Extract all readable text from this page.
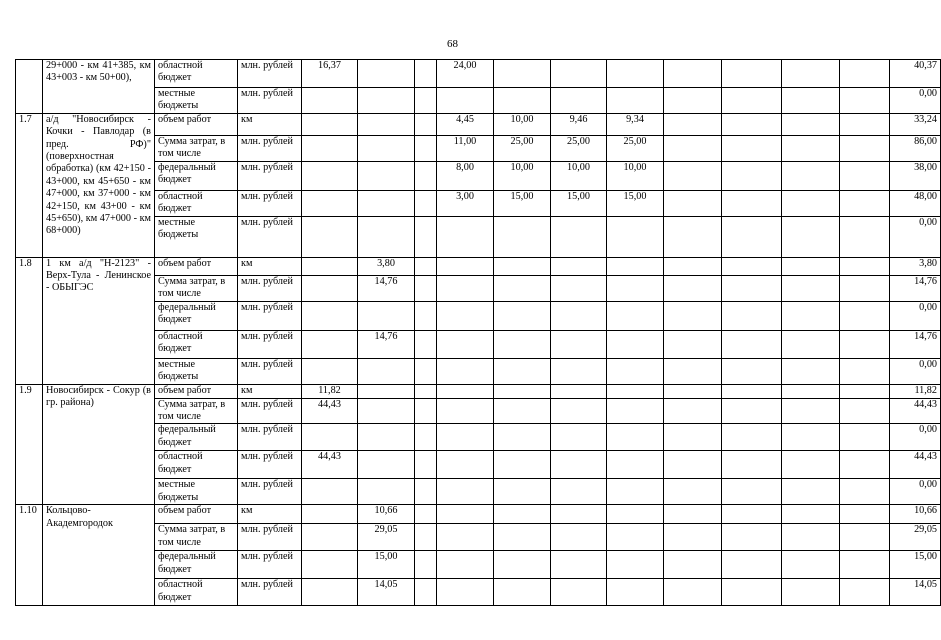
68
	29+000 - км 41+385, км 43+003 - км 50+00),	областной бюджет	млн. рублей	16,37			24,00								40,37
		местные бюджеты	млн. рублей												0,00
1.7	а/д "Новосибирск - Кочки - Павлодар (в пред. РФ)" (поверхностная обработка) (км 42+150 - 43+000, км 45+650 - км 47+000, км 37+000 - км 42+150, км 43+00 - км 45+650), км 47+000 - км 68+000)	объем работ	км				4,45	10,00	9,46	9,34					33,24
		Сумма затрат, в том числе	млн. рублей				11,00	25,00	25,00	25,00					86,00
		федеральный бюджет	млн. рублей				8,00	10,00	10,00	10,00					38,00
		областной бюджет	млн. рублей				3,00	15,00	15,00	15,00					48,00
		местные бюджеты	млн. рублей												0,00
1.8	1 км а/д "Н-2123" - Верх-Тула - Ленинское - ОБЫГЭС	объем работ	км		3,80										3,80
		Сумма затрат, в том числе	млн. рублей		14,76										14,76
		федеральный бюджет	млн. рублей												0,00
		областной бюджет	млн. рублей		14,76										14,76
		местные бюджеты	млн. рублей												0,00
1.9	Новосибирск - Сокур (в гр. района)	объем работ	км	11,82											11,82
		Сумма затрат, в том числе	млн. рублей	44,43											44,43
		федеральный бюджет	млн. рублей												0,00
		областной бюджет	млн. рублей	44,43											44,43
		местные бюджеты	млн. рублей												0,00
1.10	Кольцово-Академгородок	объем работ	км		10,66										10,66
		Сумма затрат, в том числе	млн. рублей		29,05										29,05
		федеральный бюджет	млн. рублей		15,00										15,00
		областной бюджет	млн. рублей		14,05										14,05
